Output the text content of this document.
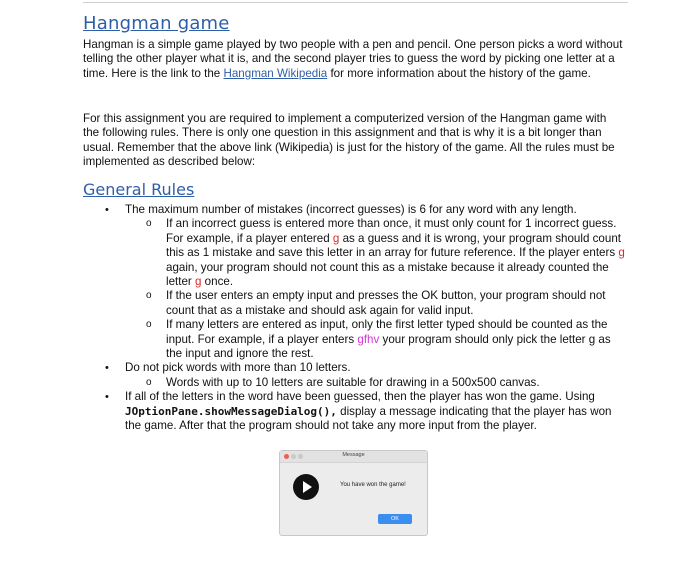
Hangman game

Hangman is a simple game played by two people with a pen and pencil. One person picks a word without telling the other player what it is, and the second player tries to guess the word by picking one letter at a time. Here is the link to the Hangman Wikipedia for more information about the history of the game.

For this assignment you are required to implement a computerized version of the Hangman game with the following rules. There is only one question in this assignment and that is why it is a bit longer than usual. Remember that the above link (Wikipedia) is just for the history of the game. All the rules must be implemented as described below:

General Rules
• The maximum number of mistakes (incorrect guesses) is 6 for any word with any length.
o If an incorrect guess is entered more than once, it must only count for 1 incorrect guess. For example, if a player entered g as a guess and it is wrong, your program should count this as 1 mistake and save this letter in an array for future reference. If the player enters g again, your program should not count this as a mistake because it already counted the letter g once.
o If the user enters an empty input and presses the OK button, your program should not count that as a mistake and should ask again for valid input.
o If many letters are entered as input, only the first letter typed should be counted as the input. For example, if a player enters gfhv your program should only pick the letter g as the input and ignore the rest.
• Do not pick words with more than 10 letters.
o Words with up to 10 letters are suitable for drawing in a 500x500 canvas.
• If all of the letters in the word have been guessed, then the player has won the game. Using JOptionPane.showMessageDialog(), display a message indicating that the player has won the game. After that the program should not take any more input from the player.
Message
You have won the game!
OK
